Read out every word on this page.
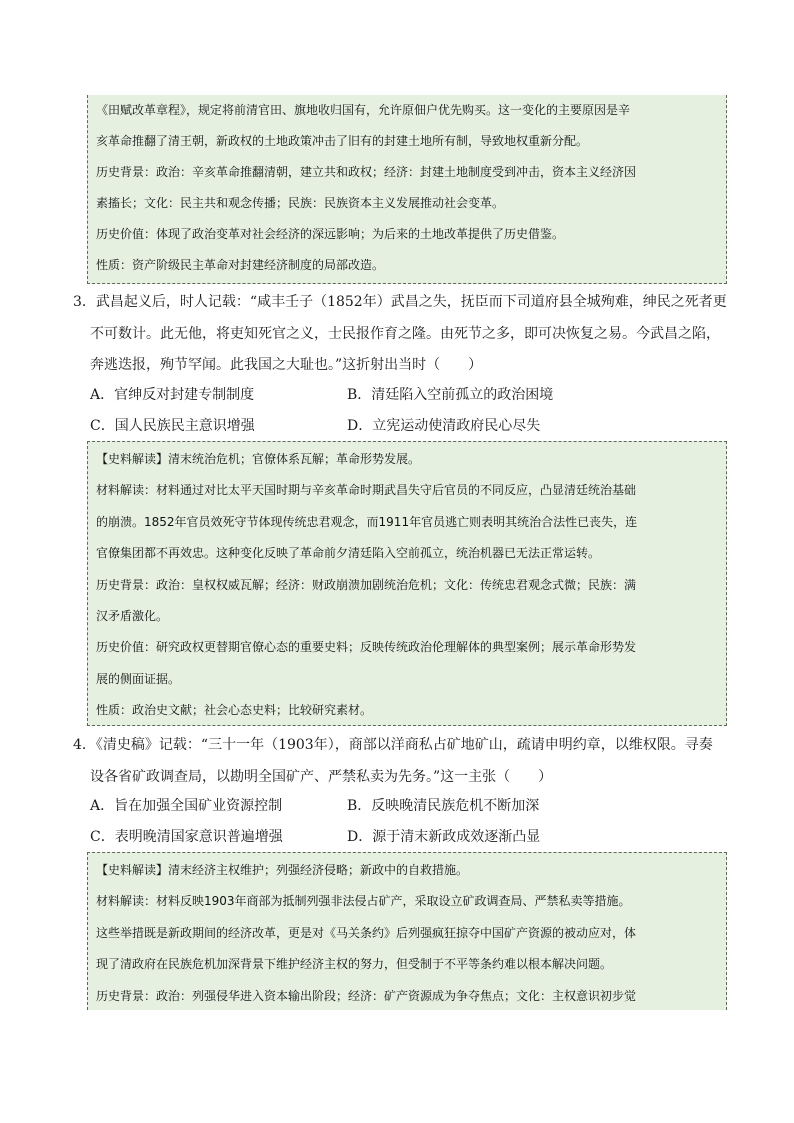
《田赋改革章程》，规定将前清官田、旗地收归国有，允许原佃户优先购买。这一变化的主要原因是辛
亥革命推翻了清王朝，新政权的土地政策冲击了旧有的封建土地所有制，导致地权重新分配。
历史背景：政治：辛亥革命推翻清朝，建立共和政权；经济：封建土地制度受到冲击，资本主义经济因
素搐长；文化：民主共和观念传播；民族：民族资本主义发展推动社会变革。
历史价值：体现了政治变革对社会经济的深远影响；为后来的土地改革提供了历史借鉴。
性质：资产阶级民主革命对封建经济制度的局部改造。
3．武昌起义后，时人记载：“咸丰壬子（1852年）武昌之失，抚臣而下司道府县全城殉难，绅民之死者更
不可数计。此无他，将吏知死官之义，士民报作育之隆。由死节之多，即可决恢复之易。今武昌之陷，
奔逃迭报，殉节罕闻。此我国之大耻也。”这折射出当时（　　）
A．官绅反对封建专制制度	B．清廷陷入空前孤立的政治困境
C．国人民族民主意识增强	D．立宪运动使清政府民心尽失
【史料解读】清末统治危机；官僚体系瓦解；革命形势发展。
材料解读：材料通过对比太平天国时期与辛亥革命时期武昌失守后官员的不同反应，凸显清廷统治基础
的崩溃。1852年官员效死守节体现传统忠君观念，而1911年官员逃亡则表明其统治合法性已丧失，连
官僚集团都不再效忠。这种变化反映了革命前夕清廷陷入空前孤立，统治机器已无法正常运转。
历史背景：政治：皇权权威瓦解；经济：财政崩溃加剧统治危机；文化：传统忠君观念式微；民族：满
汉矛盾激化。
历史价值：研究政权更替期官僚心态的重要史料；反映传统政治伦理解体的典型案例；展示革命形势发
展的侧面证据。
性质：政治史文献；社会心态史料；比较研究素材。
4．《清史稿》记载：“三十一年（1903年），商部以洋商私占矿地矿山，疏请申明约章，以维权限。寻奏
设各省矿政调查局，以勘明全国矿产、严禁私卖为先务。”这一主张（　　）
A．旨在加强全国矿业资源控制	B．反映晚清民族危机不断加深
C．表明晚清国家意识普遍增强	D．源于清末新政成效逐渐凸显
【史料解读】清末经济主权维护；列强经济侵略；新政中的自救措施。
材料解读：材料反映1903年商部为抵制列强非法侵占矿产，采取设立矿政调查局、严禁私卖等措施。
这些举措既是新政期间的经济改革，更是对《马关条约》后列强疯狂掠夺中国矿产资源的被动应对，体
现了清政府在民族危机加深背景下维护经济主权的努力，但受制于不平等条约难以根本解决问题。
历史背景：政治：列强侵华进入资本输出阶段；经济：矿产资源成为争夺焦点；文化：主权意识初步觉
